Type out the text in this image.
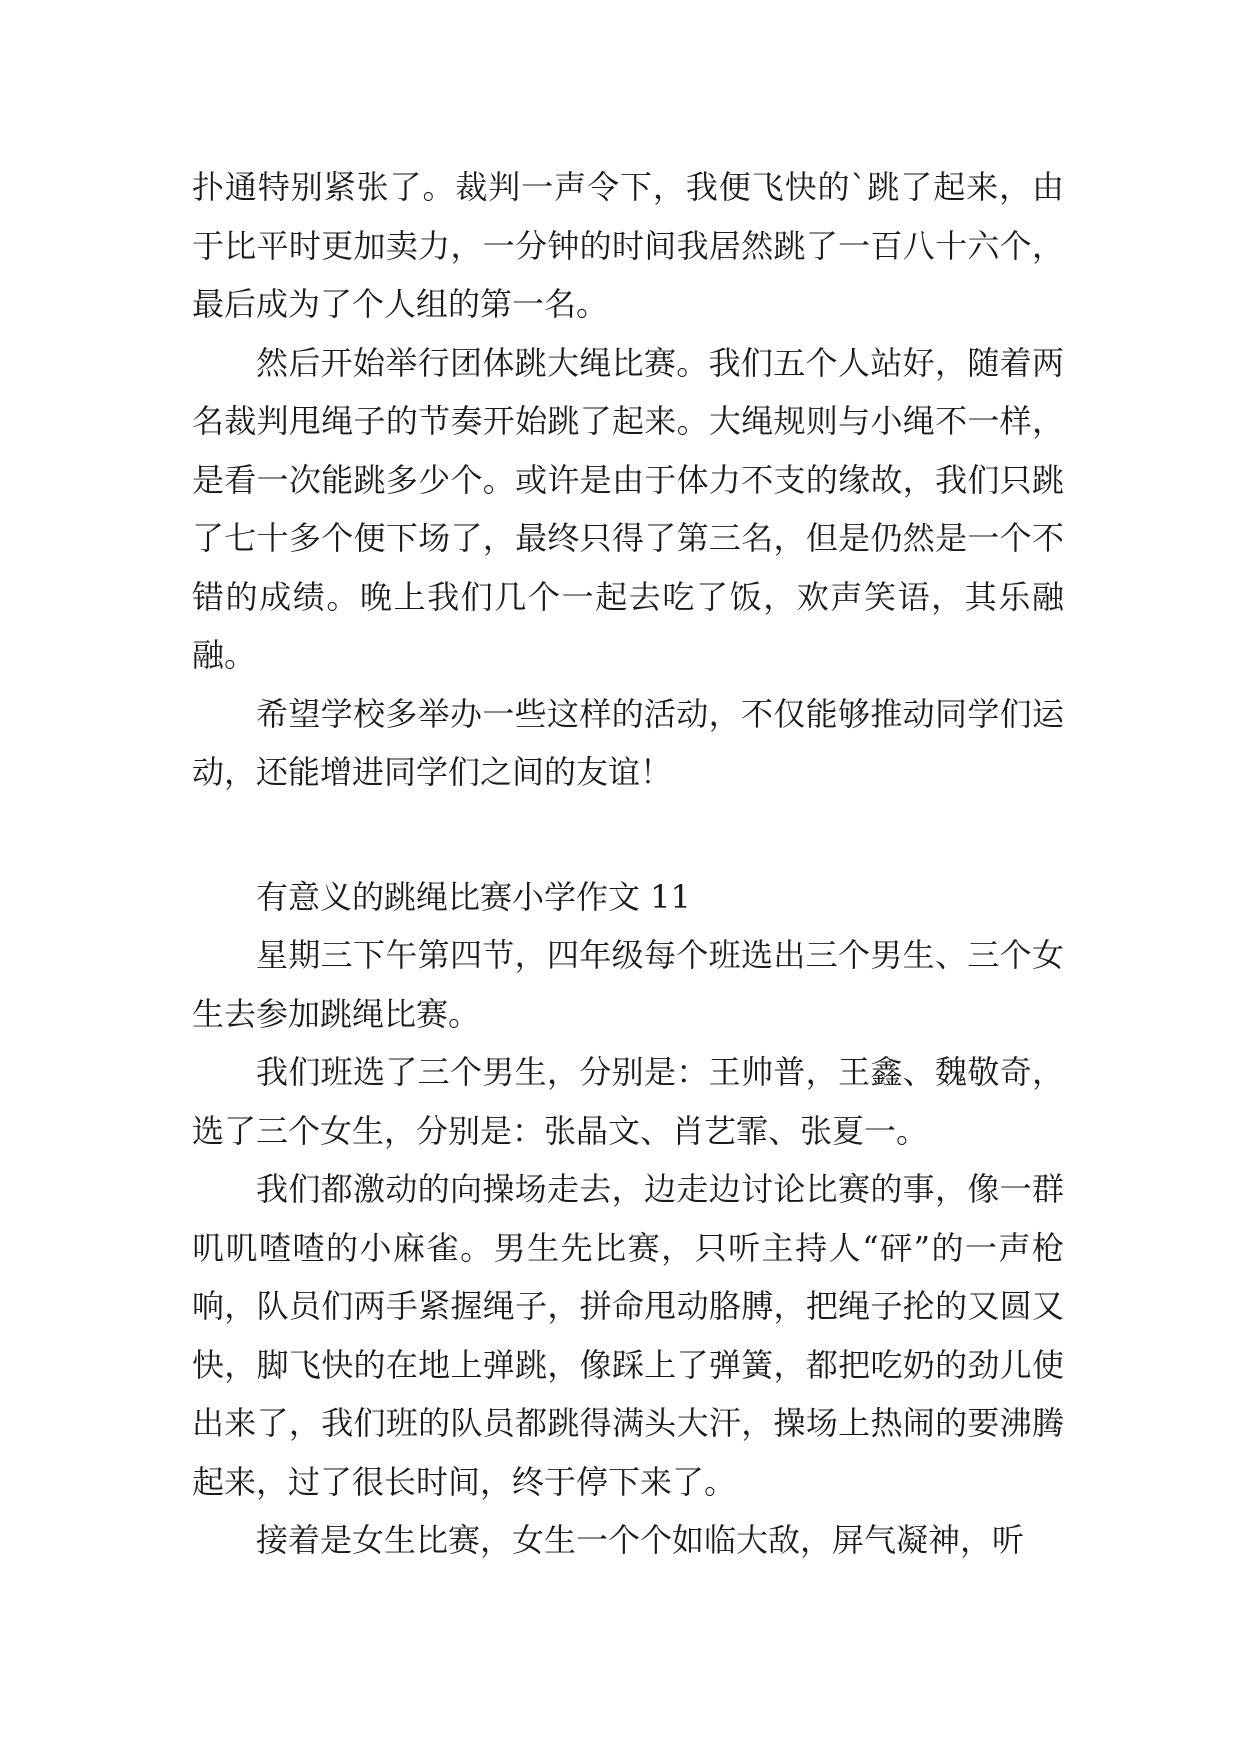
扑通特别紧张了。裁判一声令下，我便飞快的`跳了起来，由于比平时更加卖力，一分钟的时间我居然跳了一百八十六个，最后成为了个人组的第一名。

然后开始举行团体跳大绳比赛。我们五个人站好，随着两名裁判甩绳子的节奏开始跳了起来。大绳规则与小绳不一样，是看一次能跳多少个。或许是由于体力不支的缘故，我们只跳了七十多个便下场了，最终只得了第三名，但是仍然是一个不错的成绩。晚上我们几个一起去吃了饭，欢声笑语，其乐融融。

希望学校多举办一些这样的活动，不仅能够推动同学们运动，还能增进同学们之间的友谊！

有意义的跳绳比赛小学作文 11

星期三下午第四节，四年级每个班选出三个男生、三个女生去参加跳绳比赛。

我们班选了三个男生，分别是：王帅普，王鑫、魏敬奇，选了三个女生，分别是：张晶文、肖艺霏、张夏一。

我们都激动的向操场走去，边走边讨论比赛的事，像一群叽叽喳喳的小麻雀。男生先比赛，只听主持人“砰”的一声枪响，队员们两手紧握绳子，拼命甩动胳膊，把绳子抡的又圆又快，脚飞快的在地上弹跳，像踩上了弹簧，都把吃奶的劲儿使出来了，我们班的队员都跳得满头大汗，操场上热闹的要沸腾起来，过了很长时间，终于停下来了。

接着是女生比赛，女生一个个如临大敌，屏气凝神，听
